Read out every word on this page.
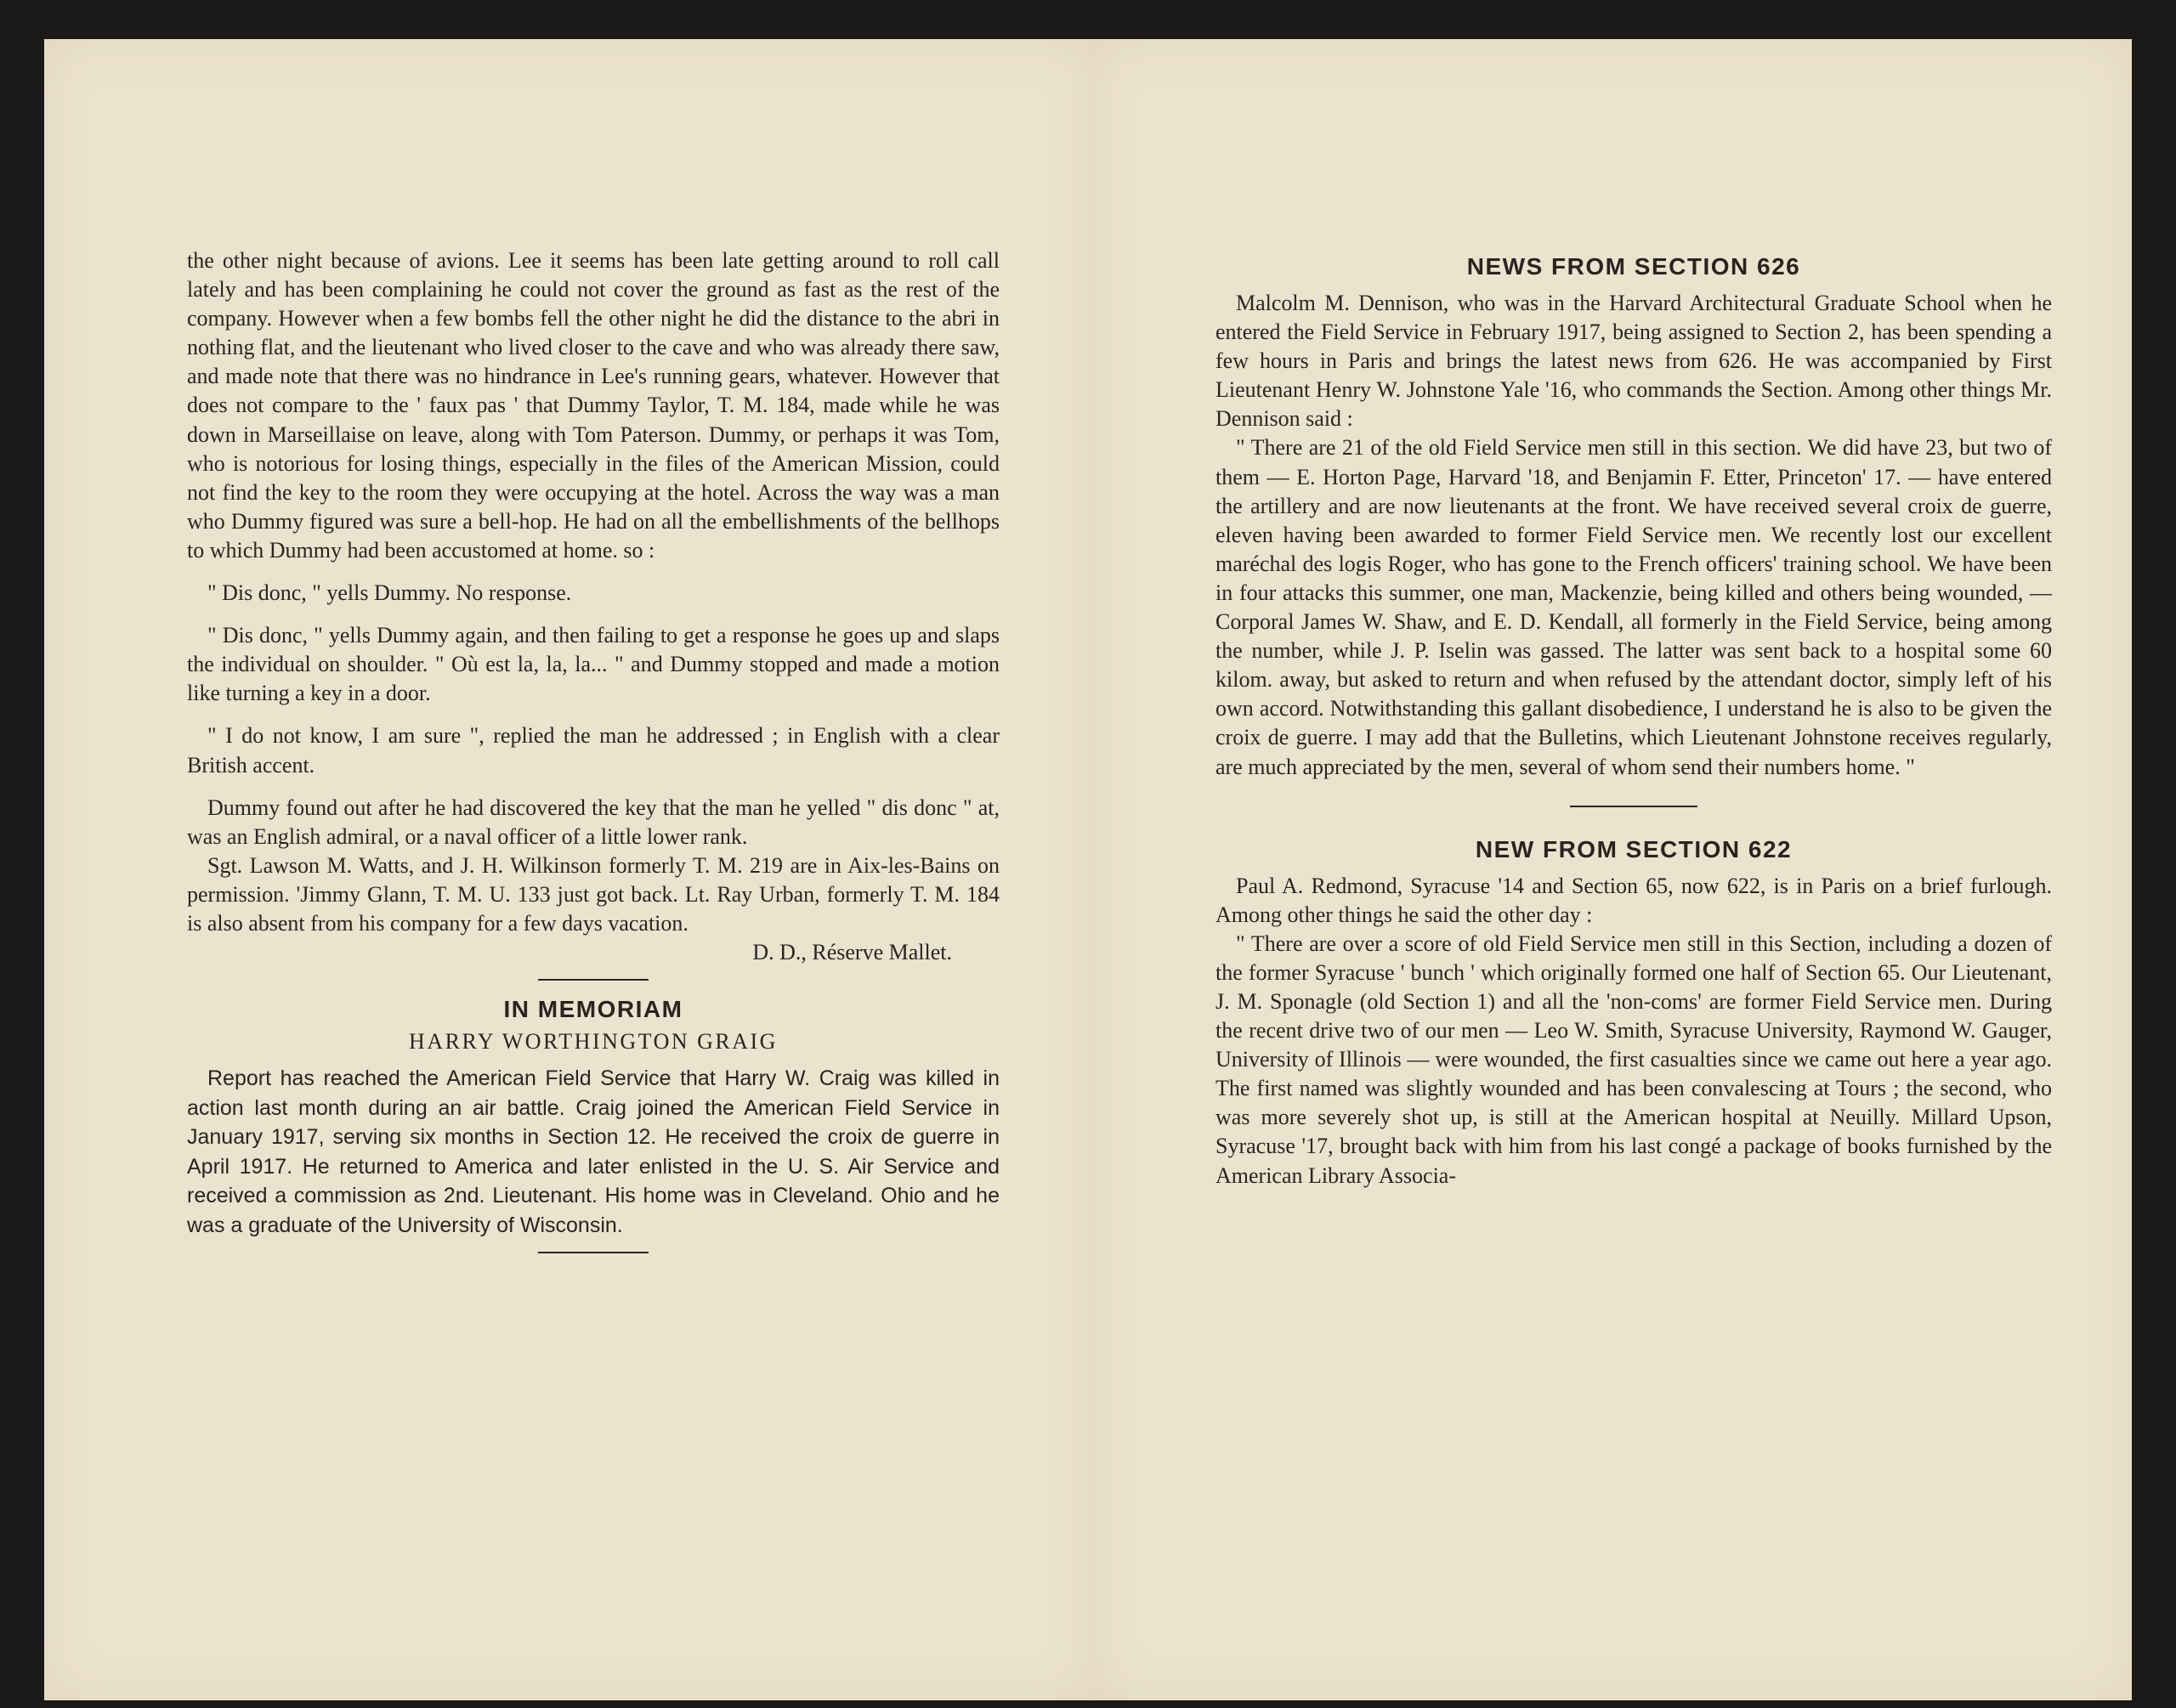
the other night because of avions. Lee it seems has been late getting around to roll call lately and has been complaining he could not cover the ground as fast as the rest of the company. However when a few bombs fell the other night he did the distance to the abri in nothing flat, and the lieutenant who lived closer to the cave and who was already there saw, and made note that there was no hindrance in Lee's running gears, whatever. However that does not compare to the ' faux pas ' that Dummy Taylor, T. M. 184, made while he was down in Marseillaise on leave, along with Tom Paterson. Dummy, or perhaps it was Tom, who is notorious for losing things, especially in the files of the American Mission, could not find the key to the room they were occupying at the hotel. Across the way was a man who Dummy figured was sure a bell-hop. He had on all the embellishments of the bellhops to which Dummy had been accustomed at home. so :

" Dis donc, " yells Dummy. No response.

" Dis donc, " yells Dummy again, and then failing to get a response he goes up and slaps the individual on shoulder. " Où est la, la, la... " and Dummy stopped and made a motion like turning a key in a door.

" I do not know, I am sure ", replied the man he addressed ; in English with a clear British accent.

Dummy found out after he had discovered the key that the man he yelled " dis donc " at, was an English admiral, or a naval officer of a little lower rank.

Sgt. Lawson M. Watts, and J. H. Wilkinson formerly T. M. 219 are in Aix-les-Bains on permission. 'Jimmy Glann, T. M. U. 133 just got back. Lt. Ray Urban, formerly T. M. 184 is also absent from his company for a few days vacation.

D. D., Réserve Mallet.

IN MEMORIAM
HARRY WORTHINGTON GRAIG

Report has reached the American Field Service that Harry W. Craig was killed in action last month during an air battle. Craig joined the American Field Service in January 1917, serving six months in Section 12. He received the croix de guerre in April 1917. He returned to America and later enlisted in the U. S. Air Service and received a commission as 2nd. Lieutenant. His home was in Cleveland. Ohio and he was a graduate of the University of Wisconsin.

NEWS FROM SECTION 626

Malcolm M. Dennison, who was in the Harvard Architectural Graduate School when he entered the Field Service in February 1917, being assigned to Section 2, has been spending a few hours in Paris and brings the latest news from 626. He was accompanied by First Lieutenant Henry W. Johnstone Yale '16, who commands the Section. Among other things Mr. Dennison said :

" There are 21 of the old Field Service men still in this section. We did have 23, but two of them — E. Horton Page, Harvard '18, and Benjamin F. Etter, Princeton' 17. — have entered the artillery and are now lieutenants at the front. We have received several croix de guerre, eleven having been awarded to former Field Service men. We recently lost our excellent maréchal des logis Roger, who has gone to the French officers' training school. We have been in four attacks this summer, one man, Mackenzie, being killed and others being wounded, — Corporal James W. Shaw, and E. D. Kendall, all formerly in the Field Service, being among the number, while J. P. Iselin was gassed. The latter was sent back to a hospital some 60 kilom. away, but asked to return and when refused by the attendant doctor, simply left of his own accord. Notwithstanding this gallant disobedience, I understand he is also to be given the croix de guerre. I may add that the Bulletins, which Lieutenant Johnstone receives regularly, are much appreciated by the men, several of whom send their numbers home. "

NEW FROM SECTION 622

Paul A. Redmond, Syracuse '14 and Section 65, now 622, is in Paris on a brief furlough. Among other things he said the other day :

" There are over a score of old Field Service men still in this Section, including a dozen of the former Syracuse ' bunch ' which originally formed one half of Section 65. Our Lieutenant, J. M. Sponagle (old Section 1) and all the 'non-coms' are former Field Service men. During the recent drive two of our men — Leo W. Smith, Syracuse University, Raymond W. Gauger, University of Illinois — were wounded, the first casualties since we came out here a year ago. The first named was slightly wounded and has been convalescing at Tours ; the second, who was more severely shot up, is still at the American hospital at Neuilly. Millard Upson, Syracuse '17, brought back with him from his last congé a package of books furnished by the American Library Associa-
